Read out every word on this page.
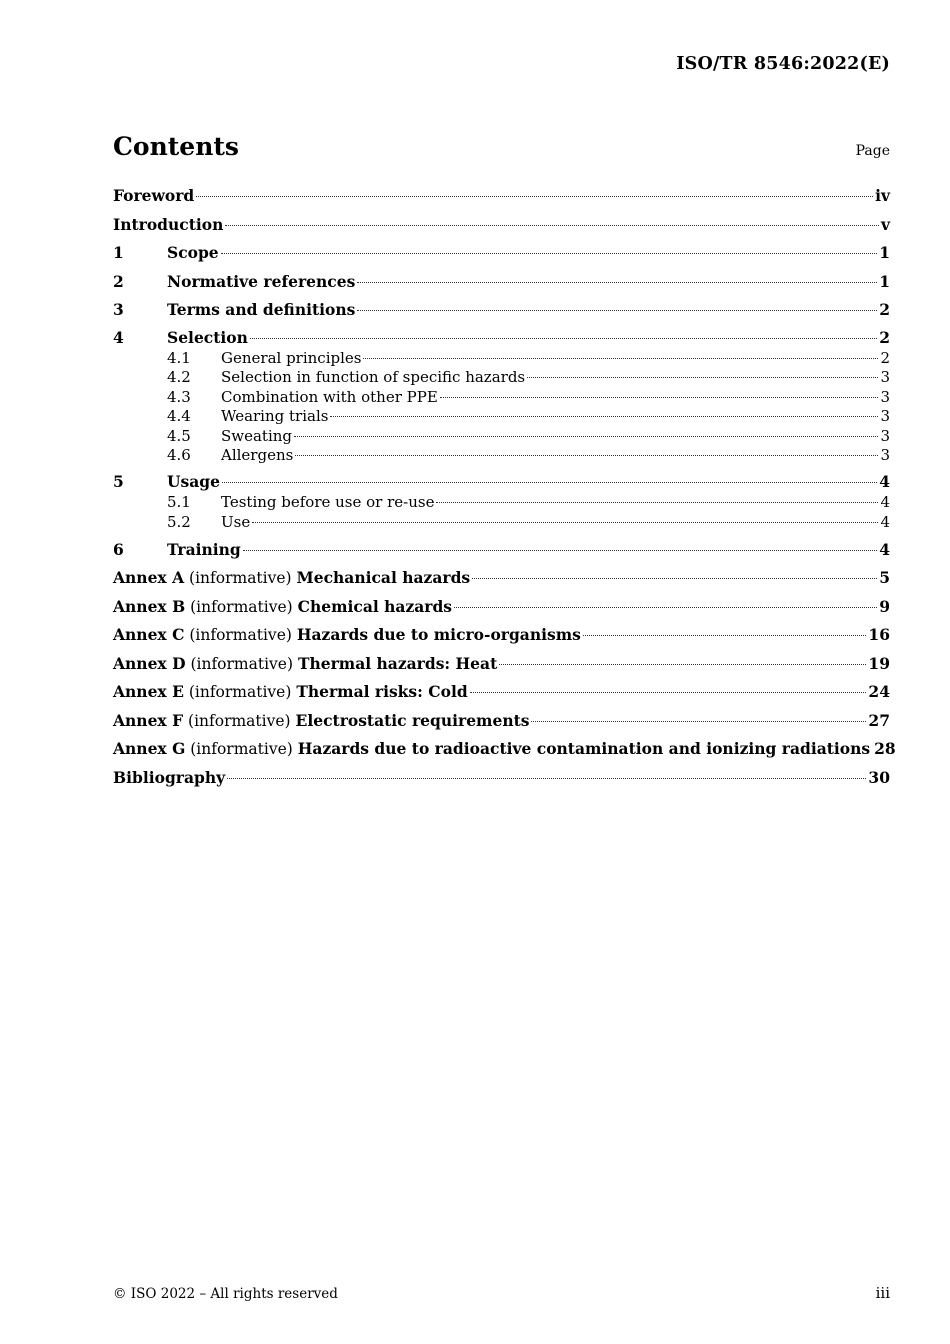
ISO/TR 8546:2022(E)
Contents	Page
Foreword	iv
Introduction	v
1	Scope	1
2	Normative references	1
3	Terms and definitions	2
4	Selection	2
4.1	General principles	2
4.2	Selection in function of specific hazards	3
4.3	Combination with other PPE	3
4.4	Wearing trials	3
4.5	Sweating	3
4.6	Allergens	3
5	Usage	4
5.1	Testing before use or re-use	4
5.2	Use	4
6	Training	4
Annex A (informative) Mechanical hazards	5
Annex B (informative) Chemical hazards	9
Annex C (informative) Hazards due to micro-organisms	16
Annex D (informative) Thermal hazards: Heat	19
Annex E (informative) Thermal risks: Cold	24
Annex F (informative) Electrostatic requirements	27
Annex G (informative) Hazards due to radioactive contamination and ionizing radiations 28
Bibliography	30
© ISO 2022 – All rights reserved	iii
